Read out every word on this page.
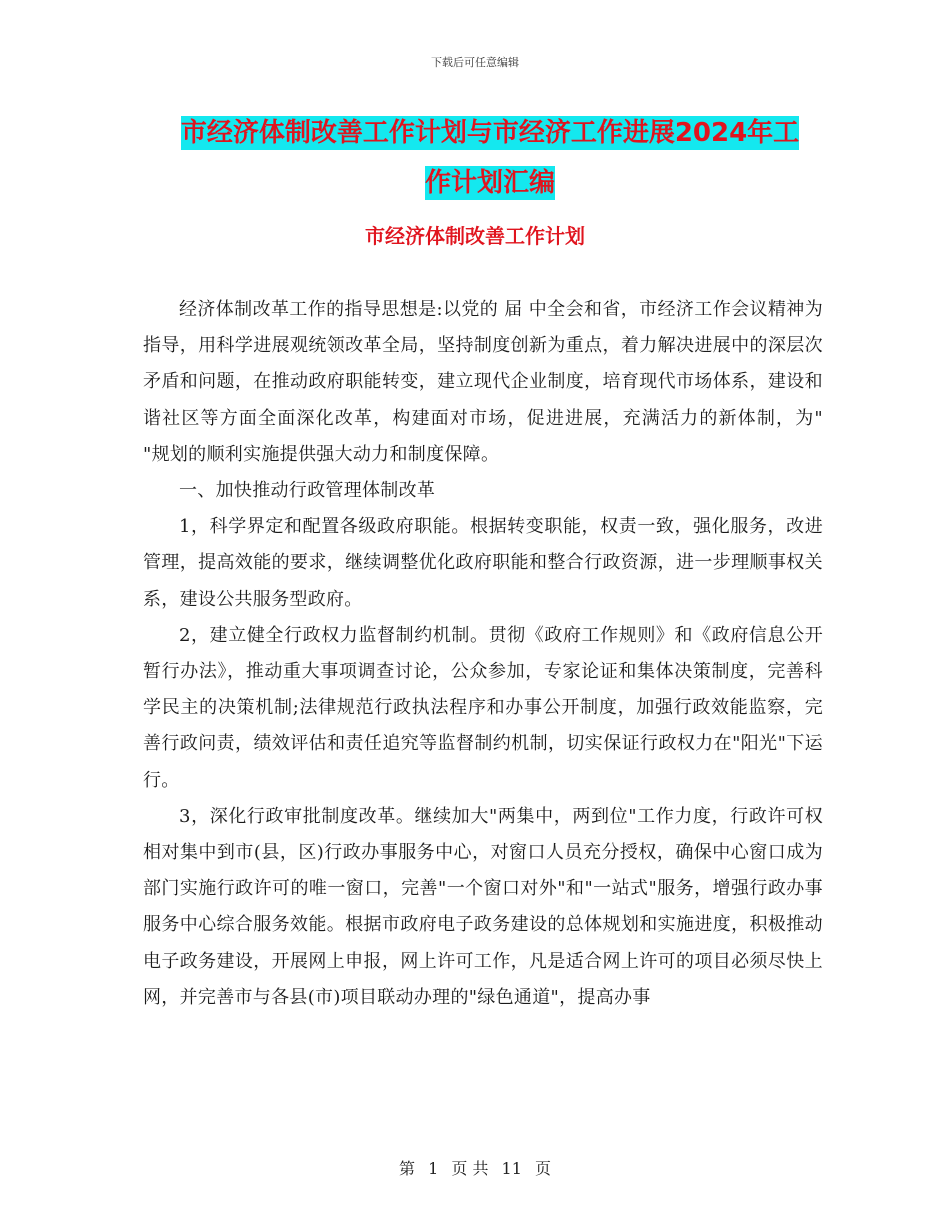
下载后可任意编辑
市经济体制改善工作计划与市经济工作进展2024年工
作计划汇编
市经济体制改善工作计划

经济体制改革工作的指导思想是:以党的 届 中全会和省，市经济工作会议精神为指导，用科学进展观统领改革全局，坚持制度创新为重点，着力解决进展中的深层次矛盾和问题，在推动政府职能转变，建立现代企业制度，培育现代市场体系，建设和谐社区等方面全面深化改革，构建面对市场，促进进展，充满活力的新体制，为" "规划的顺利实施提供强大动力和制度保障。

一、加快推动行政管理体制改革

1，科学界定和配置各级政府职能。根据转变职能，权责一致，强化服务，改进管理，提高效能的要求，继续调整优化政府职能和整合行政资源，进一步理顺事权关系，建设公共服务型政府。

2，建立健全行政权力监督制约机制。贯彻《政府工作规则》和《政府信息公开暂行办法》，推动重大事项调查讨论，公众参加，专家论证和集体决策制度，完善科学民主的决策机制;法律规范行政执法程序和办事公开制度，加强行政效能监察，完善行政问责，绩效评估和责任追究等监督制约机制，切实保证行政权力在"阳光"下运行。

3，深化行政审批制度改革。继续加大"两集中，两到位"工作力度，行政许可权相对集中到市(县，区)行政办事服务中心，对窗口人员充分授权，确保中心窗口成为部门实施行政许可的唯一窗口，完善"一个窗口对外"和"一站式"服务，增强行政办事服务中心综合服务效能。根据市政府电子政务建设的总体规划和实施进度，积极推动电子政务建设，开展网上申报，网上许可工作，凡是适合网上许可的项目必须尽快上网，并完善市与各县(市)项目联动办理的"绿色通道"，提高办事

第 1 页 共 11 页
